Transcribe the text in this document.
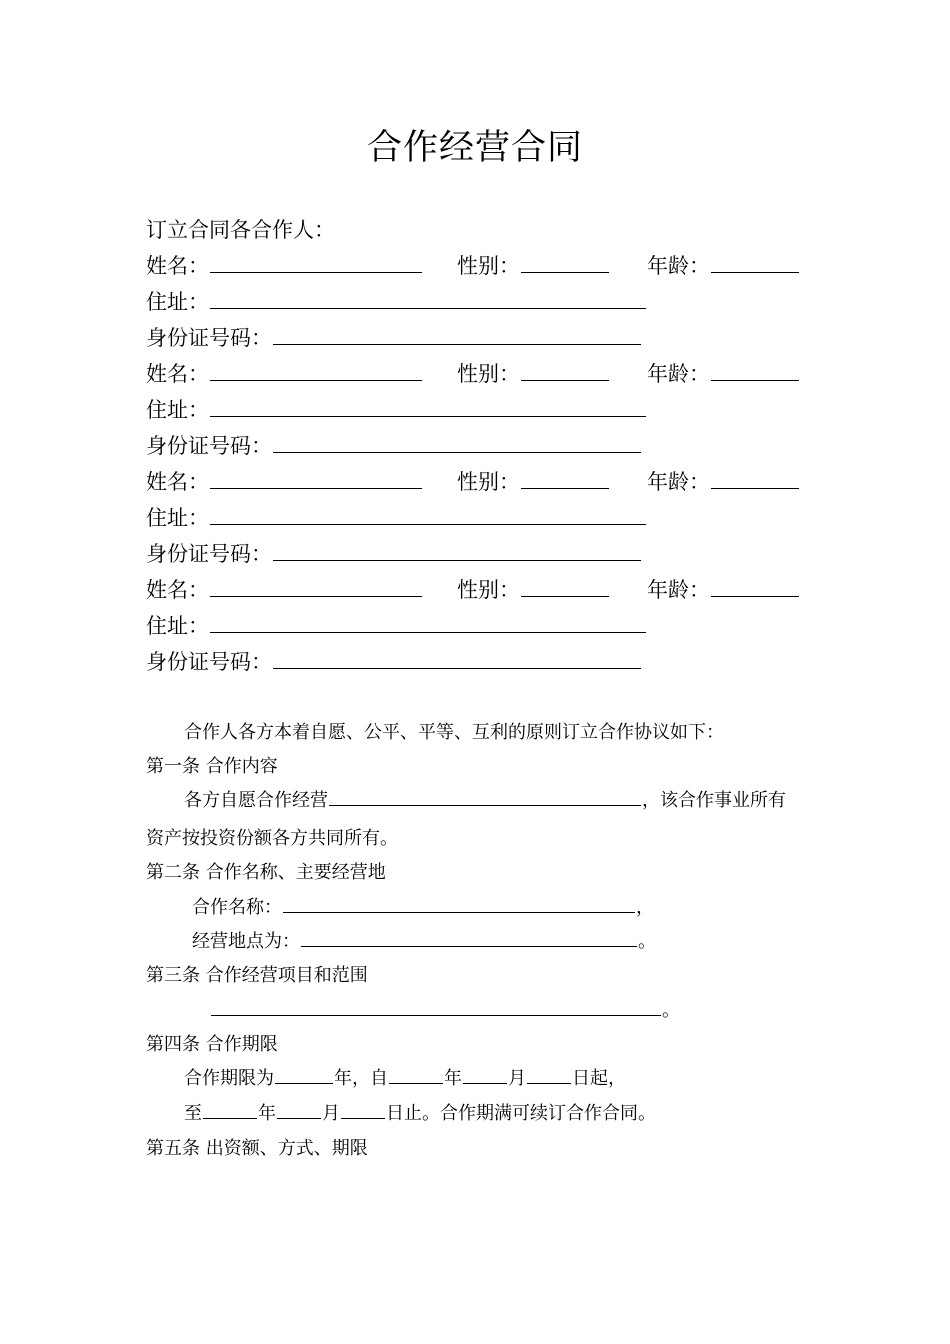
合作经营合同
订立合同各合作人：
姓名：	性别：	年龄：
住址：
身份证号码：
姓名：	性别：	年龄：
住址：
身份证号码：
姓名：	性别：	年龄：
住址：
身份证号码：
姓名：	性别：	年龄：
住址：
身份证号码：
合作人各方本着自愿、公平、平等、互利的原则订立合作协议如下：
第一条 合作内容
各方自愿合作经营	，该合作事业所有
资产按投资份额各方共同所有。
第二条 合作名称、主要经营地
合作名称：	，
经营地点为：	。
第三条 合作经营项目和范围
。
第四条 合作期限
合作期限为	年，自	年	月	日起，
至	年	月	日止。合作期满可续订合作合同。
第五条 出资额、方式、期限
